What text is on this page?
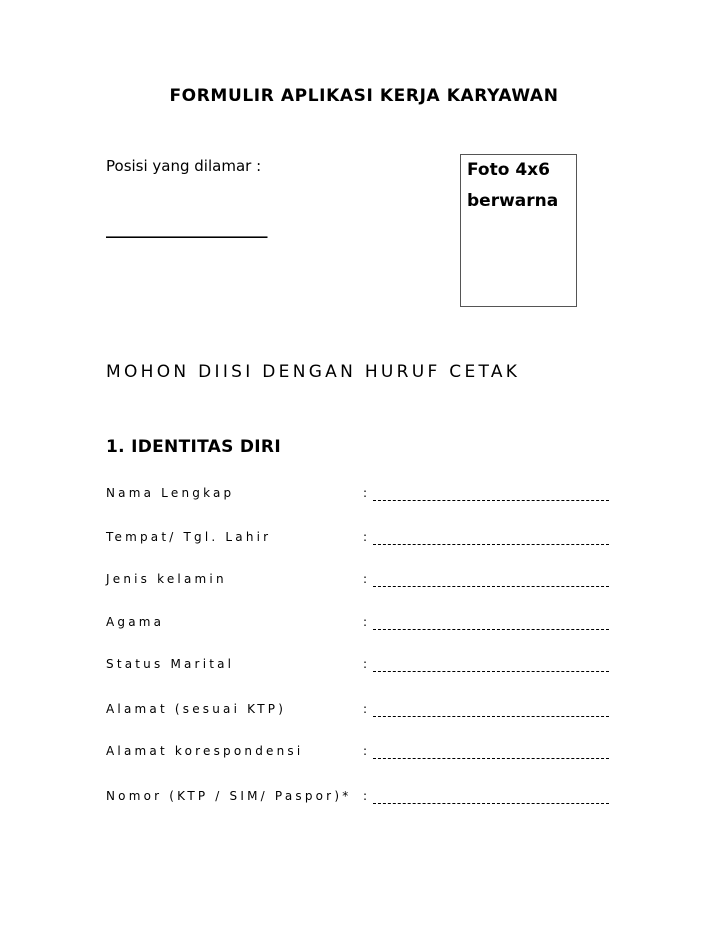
FORMULIR APLIKASI KERJA KARYAWAN
Posisi yang dilamar :
___________________
Foto 4x6
berwarna
MOHON DIISI DENGAN HURUF CETAK
1. IDENTITAS DIRI
Nama Lengkap	:
Tempat/ Tgl. Lahir	:
Jenis kelamin	:
Agama	:
Status Marital	:
Alamat (sesuai KTP)	:
Alamat korespondensi	:
Nomor (KTP / SIM/ Paspor)* :
